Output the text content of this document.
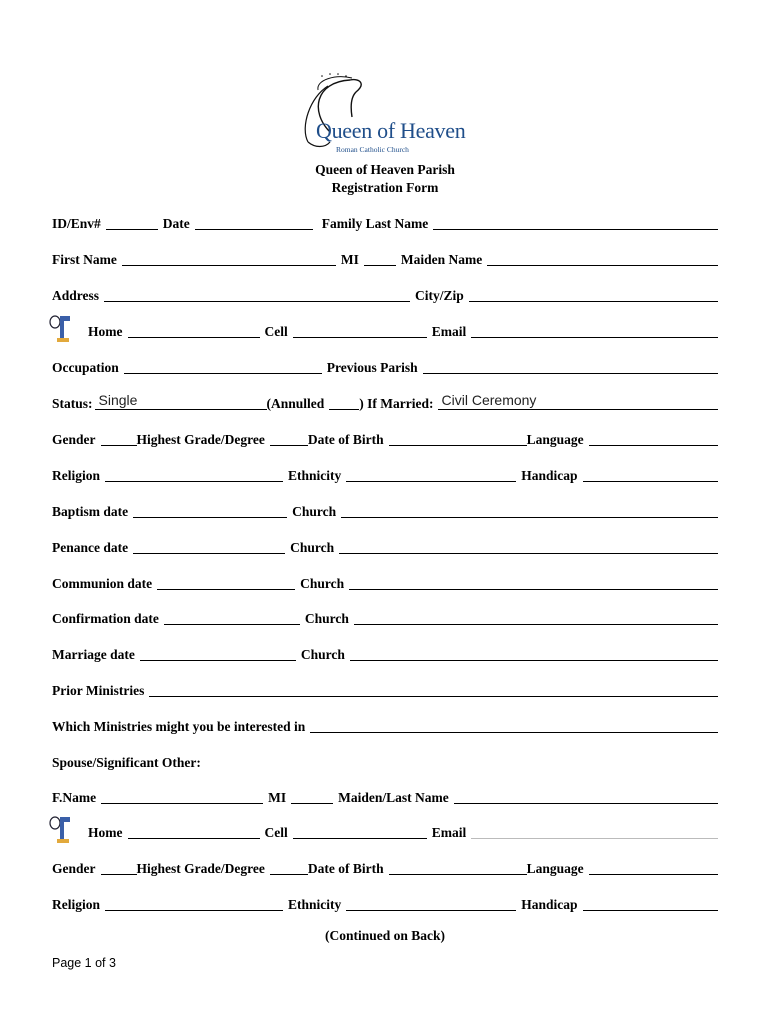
Queen of Heaven
Roman Catholic Church
Queen of Heaven Parish
Registration Form
ID/Env#	Date	Family Last Name
First Name	MI	Maiden Name
Address	City/Zip
Home	Cell	Email
Occupation	Previous Parish
Status: Single	(Annulled	) If Married: Civil Ceremony
Gender	Highest Grade/Degree	Date of Birth	Language
Religion	Ethnicity	Handicap
Baptism date	Church
Penance date	Church
Communion date	Church
Confirmation date	Church
Marriage date	Church
Prior Ministries
Which Ministries might you be interested in
Spouse/Significant Other:
F.Name	MI	Maiden/Last Name
Home	Cell	Email
Gender	Highest Grade/Degree	Date of Birth	Language
Religion	Ethnicity	Handicap
(Continued on Back)
Page 1 of 3
